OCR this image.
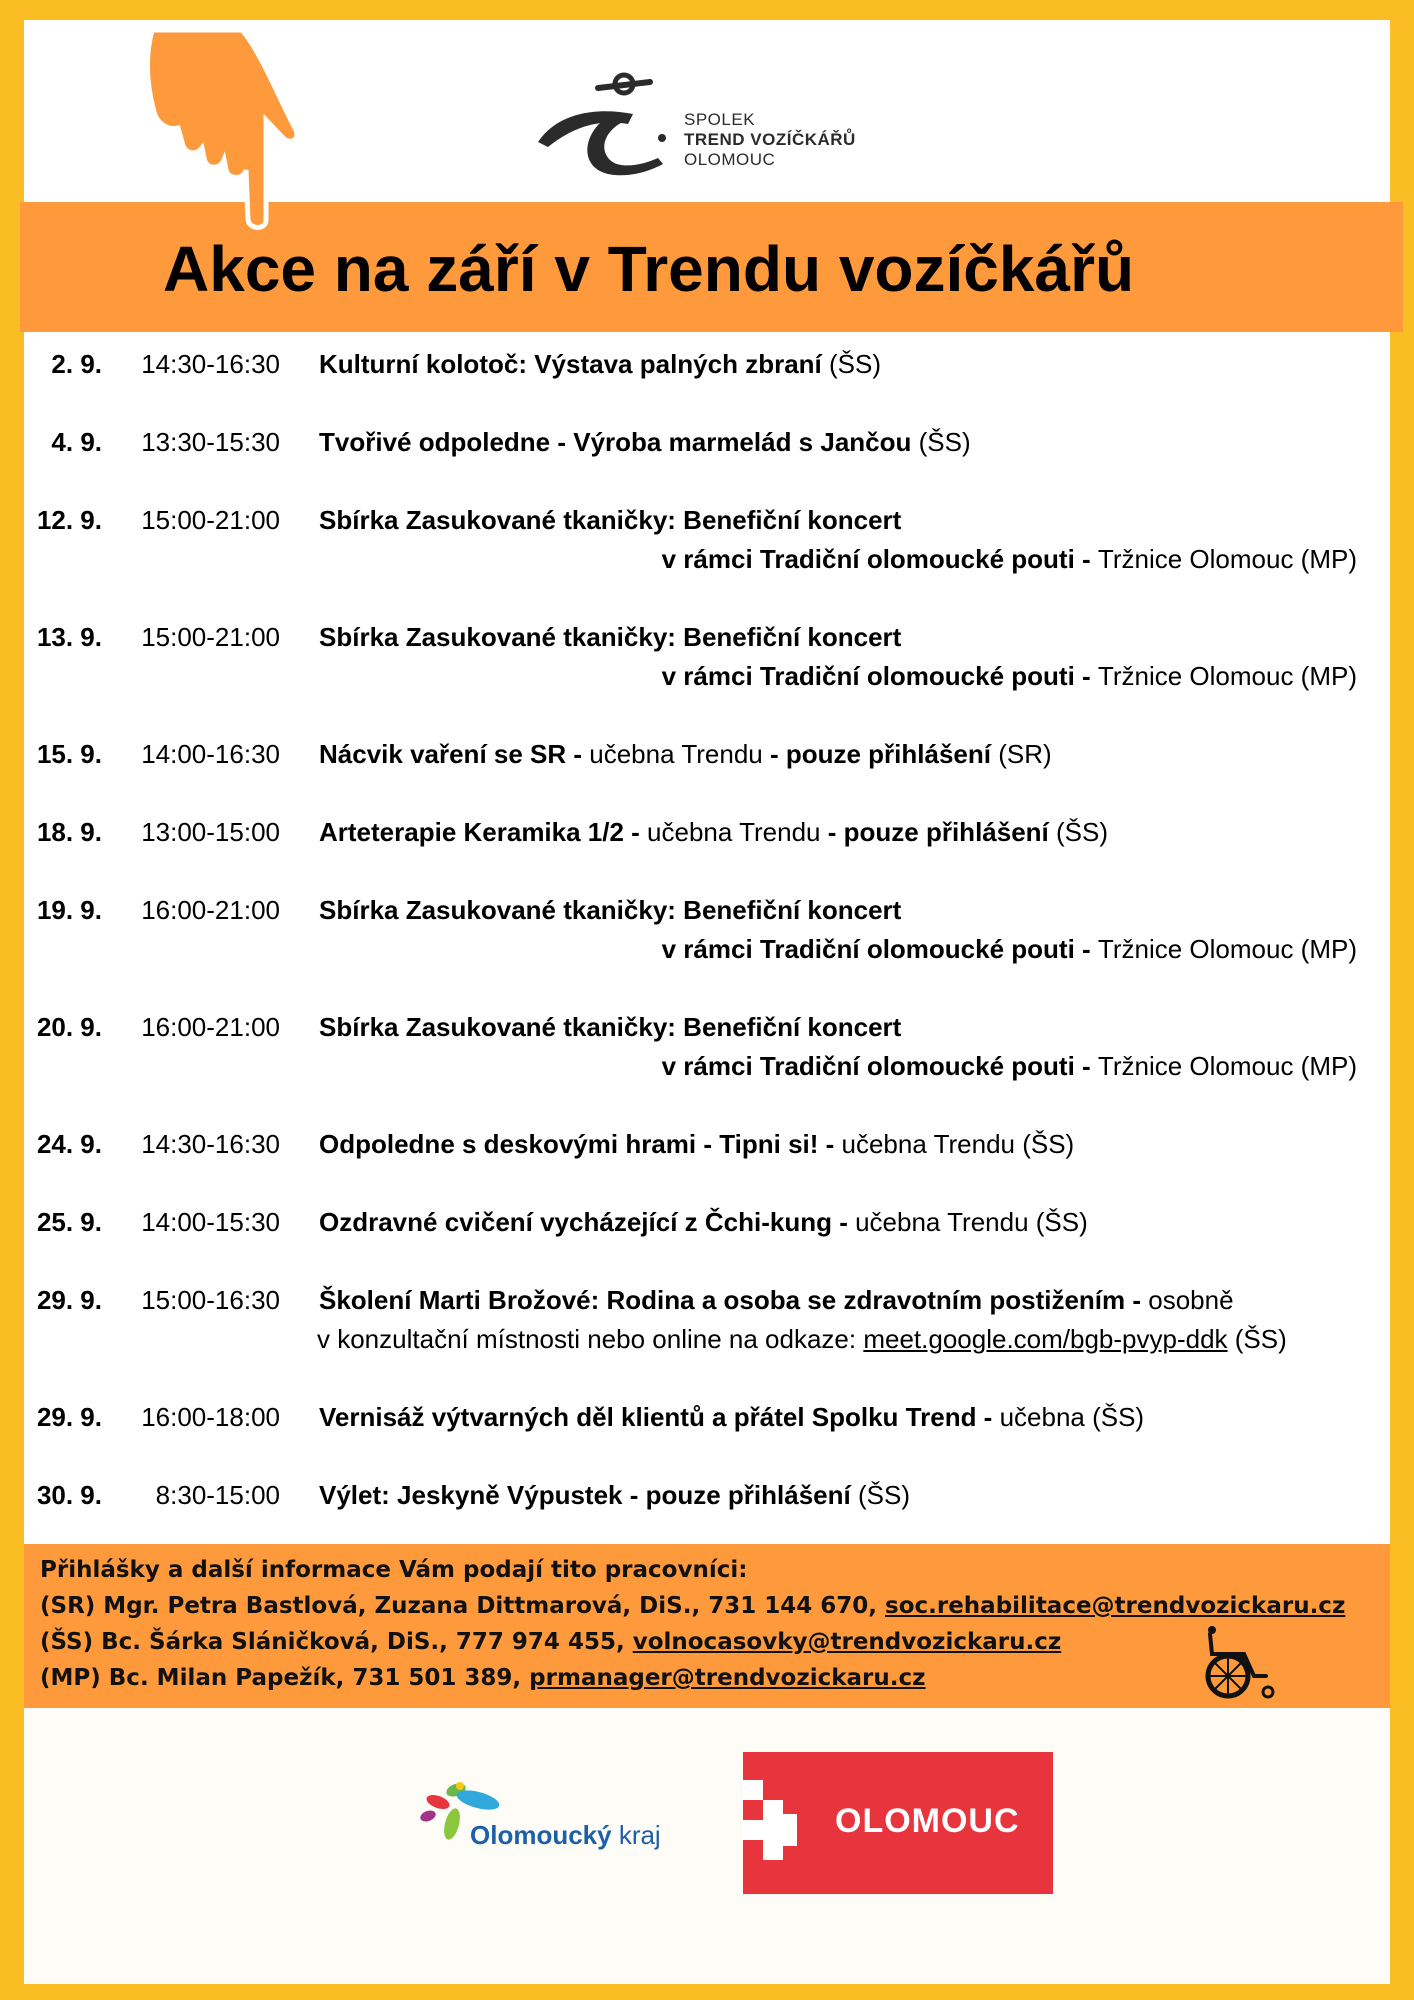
SPOLEK
TREND VOZÍČKÁŘŮ
OLOMOUC
Akce na září v Trendu vozíčkářů
2. 9.	14:30-16:30 Kulturní kolotoč: Výstava palných zbraní (ŠS)
4. 9.	13:30-15:30 Tvořivé odpoledne - Výroba marmelád s Jančou (ŠS)
12. 9.	15:00-21:00 Sbírka Zasukované tkaničky: Benefiční koncert
v rámci Tradiční olomoucké pouti - Tržnice Olomouc (MP)
13. 9.	15:00-21:00 Sbírka Zasukované tkaničky: Benefiční koncert
v rámci Tradiční olomoucké pouti - Tržnice Olomouc (MP)
15. 9.	14:00-16:30 Nácvik vaření se SR - učebna Trendu - pouze přihlášení (SR)
18. 9.	13:00-15:00 Arteterapie Keramika 1/2 - učebna Trendu - pouze přihlášení (ŠS)
19. 9.	16:00-21:00 Sbírka Zasukované tkaničky: Benefiční koncert
v rámci Tradiční olomoucké pouti - Tržnice Olomouc (MP)
20. 9.	16:00-21:00 Sbírka Zasukované tkaničky: Benefiční koncert
v rámci Tradiční olomoucké pouti - Tržnice Olomouc (MP)
24. 9.	14:30-16:30 Odpoledne s deskovými hrami - Tipni si! - učebna Trendu (ŠS)
25. 9.	14:00-15:30 Ozdravné cvičení vycházející z Čchi-kung - učebna Trendu (ŠS)
29. 9.	15:00-16:30 Školení Marti Brožové: Rodina a osoba se zdravotním postižením - osobně
v konzultační místnosti nebo online na odkaze: meet.google.com/bgb-pvyp-ddk (ŠS)
29. 9.	16:00-18:00 Vernisáž výtvarných děl klientů a přátel Spolku Trend - učebna (ŠS)
30. 9.	8:30-15:00 Výlet: Jeskyně Výpustek - pouze přihlášení (ŠS)
Přihlášky a další informace Vám podají tito pracovníci:
(SR) Mgr. Petra Bastlová, Zuzana Dittmarová, DiS., 731 144 670, soc.rehabilitace@trendvozickaru.cz
(ŠS) Bc. Šárka Sláničková, DiS., 777 974 455, volnocasovky@trendvozickaru.cz
(MP) Bc. Milan Papežík, 731 501 389, prmanager@trendvozickaru.cz
Olomoucký kraj	OLOMOUC
